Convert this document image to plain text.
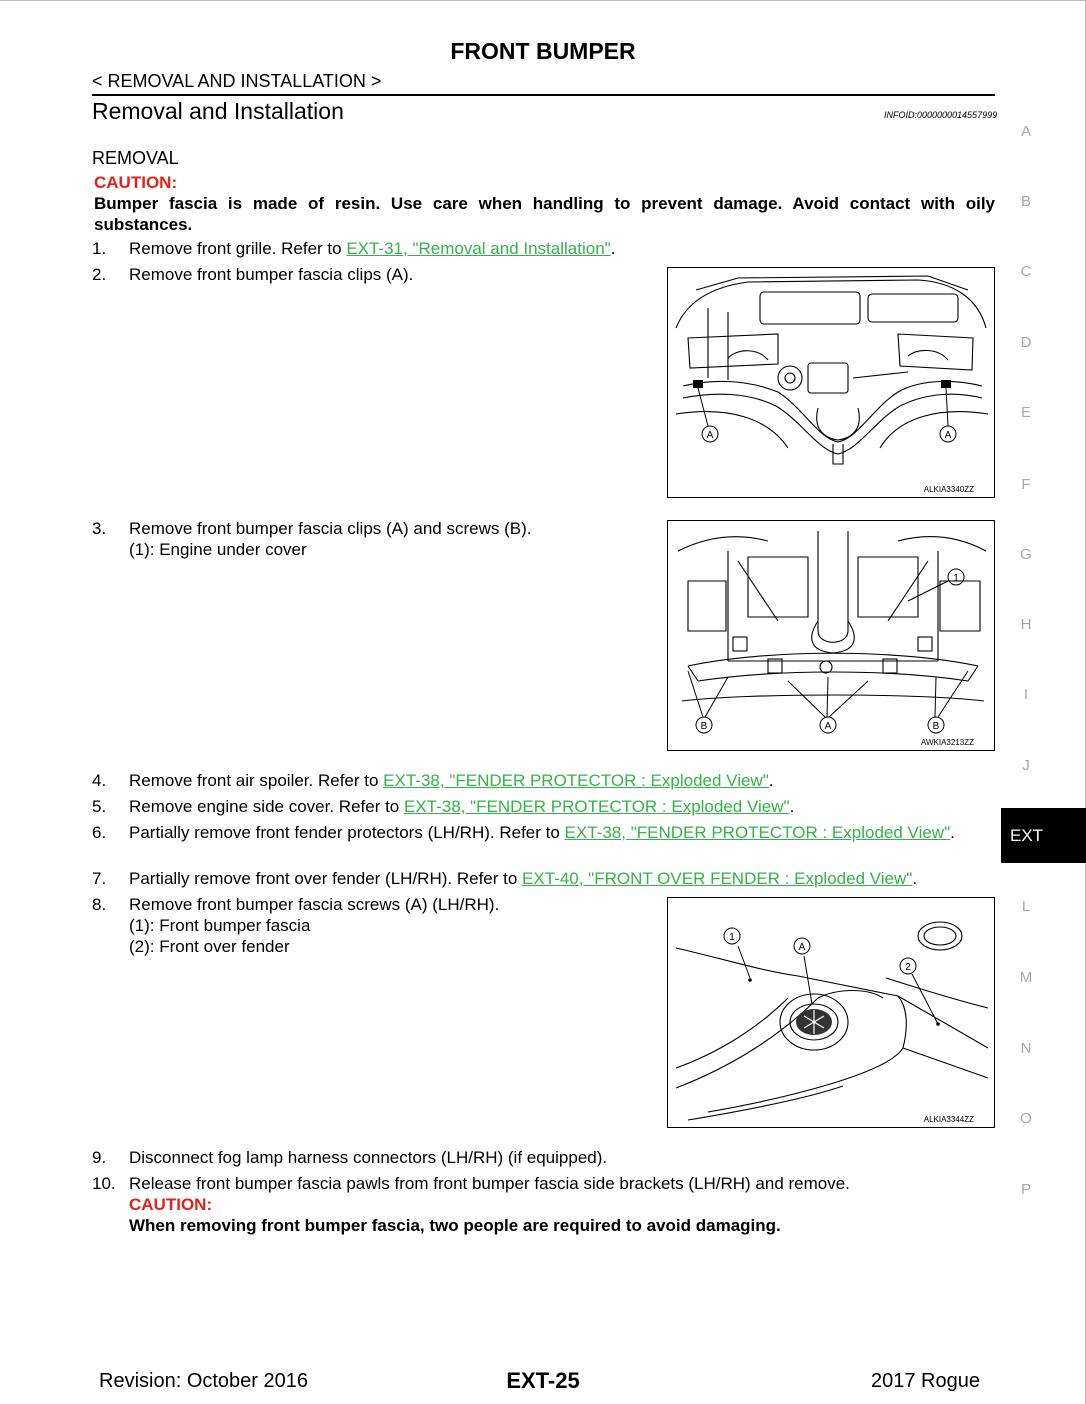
FRONT BUMPER
< REMOVAL AND INSTALLATION >
Removal and Installation	INFOID:0000000014557999
A
B
C
D
E
F
G
H
I
J
EXT
L
M
N
O
P
REMOVAL
CAUTION:
Bumper fascia is made of resin. Use care when handling to prevent damage. Avoid contact with oily substances.
1.	Remove front grille. Refer to EXT-31, "Removal and Installation".
2.	Remove front bumper fascia clips (A).
A	A
ALKIA3340ZZ
3.	Remove front bumper fascia clips (A) and screws (B).
(1): Engine under cover
1
B	A	B
AWKIA3213ZZ
4.	Remove front air spoiler. Refer to EXT-38, "FENDER PROTECTOR : Exploded View".
5.	Remove engine side cover. Refer to EXT-38, "FENDER PROTECTOR : Exploded View".
6.	Partially remove front fender protectors (LH/RH). Refer to EXT-38, "FENDER PROTECTOR : Exploded View".
7.	Partially remove front over fender (LH/RH). Refer to EXT-40, "FRONT OVER FENDER : Exploded View".
8.	Remove front bumper fascia screws (A) (LH/RH).
(1): Front bumper fascia
(2): Front over fender	1
A
2
ALKIA3344ZZ
9.	Disconnect fog lamp harness connectors (LH/RH) (if equipped).
10. Release front bumper fascia pawls from front bumper fascia side brackets (LH/RH) and remove.
CAUTION:
When removing front bumper fascia, two people are required to avoid damaging.
Revision: October 2016	EXT-25	2017 Rogue
